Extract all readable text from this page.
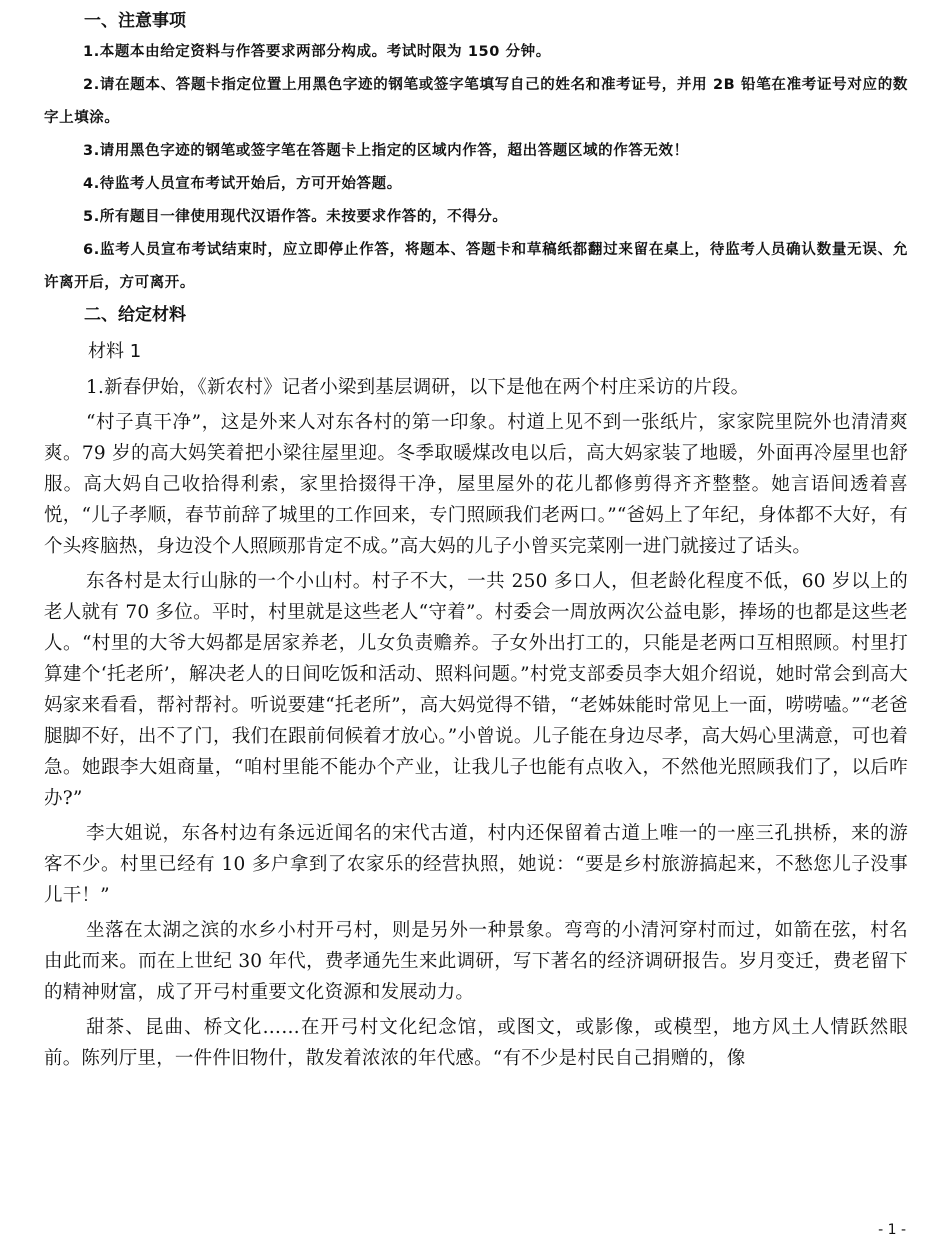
一、注意事项

1.本题本由给定资料与作答要求两部分构成。考试时限为 150 分钟。

2.请在题本、答题卡指定位置上用黑色字迹的钢笔或签字笔填写自己的姓名和准考证号，并用 2B 铅笔在准考证号对应的数字上填涂。

3.请用黑色字迹的钢笔或签字笔在答题卡上指定的区域内作答，超出答题区域的作答无效！

4.待监考人员宣布考试开始后，方可开始答题。

5.所有题目一律使用现代汉语作答。未按要求作答的，不得分。

6.监考人员宣布考试结束时，应立即停止作答，将题本、答题卡和草稿纸都翻过来留在桌上，待监考人员确认数量无误、允许离开后，方可离开。

二、给定材料
材料 1

1.新春伊始，《新农村》记者小梁到基层调研，以下是他在两个村庄采访的片段。

“村子真干净”，这是外来人对东各村的第一印象。村道上见不到一张纸片，家家院里院外也清清爽爽。79 岁的高大妈笑着把小梁往屋里迎。冬季取暖煤改电以后，高大妈家装了地暖，外面再冷屋里也舒服。高大妈自己收拾得利索，家里拾掇得干净，屋里屋外的花儿都修剪得齐齐整整。她言语间透着喜悦，“儿子孝顺，春节前辞了城里的工作回来，专门照顾我们老两口。”“爸妈上了年纪，身体都不大好，有个头疼脑热，身边没个人照顾那肯定不成。”高大妈的儿子小曾买完菜刚一进门就接过了话头。

东各村是太行山脉的一个小山村。村子不大，一共 250 多口人，但老龄化程度不低，60 岁以上的老人就有 70 多位。平时，村里就是这些老人“守着”。村委会一周放两次公益电影，捧场的也都是这些老人。“村里的大爷大妈都是居家养老，儿女负责赡养。子女外出打工的，只能是老两口互相照顾。村里打算建个‘托老所’，解决老人的日间吃饭和活动、照料问题。”村党支部委员李大姐介绍说，她时常会到高大妈家来看看，帮衬帮衬。听说要建“托老所”，高大妈觉得不错，“老姊妹能时常见上一面，唠唠嗑。”“老爸腿脚不好，出不了门，我们在跟前伺候着才放心。”小曾说。儿子能在身边尽孝，高大妈心里满意，可也着急。她跟李大姐商量，“咱村里能不能办个产业，让我儿子也能有点收入，不然他光照顾我们了，以后咋办?”

李大姐说，东各村边有条远近闻名的宋代古道，村内还保留着古道上唯一的一座三孔拱桥，来的游客不少。村里已经有 10 多户拿到了农家乐的经营执照，她说：“要是乡村旅游搞起来，不愁您儿子没事儿干！”

坐落在太湖之滨的水乡小村开弓村，则是另外一种景象。弯弯的小清河穿村而过，如箭在弦，村名由此而来。而在上世纪 30 年代，费孝通先生来此调研，写下著名的经济调研报告。岁月变迁，费老留下的精神财富，成了开弓村重要文化资源和发展动力。

甜茶、昆曲、桥文化……在开弓村文化纪念馆，或图文，或影像，或模型，地方风土人情跃然眼前。陈列厅里，一件件旧物什，散发着浓浓的年代感。“有不少是村民自己捐赠的，像

- 1 -
